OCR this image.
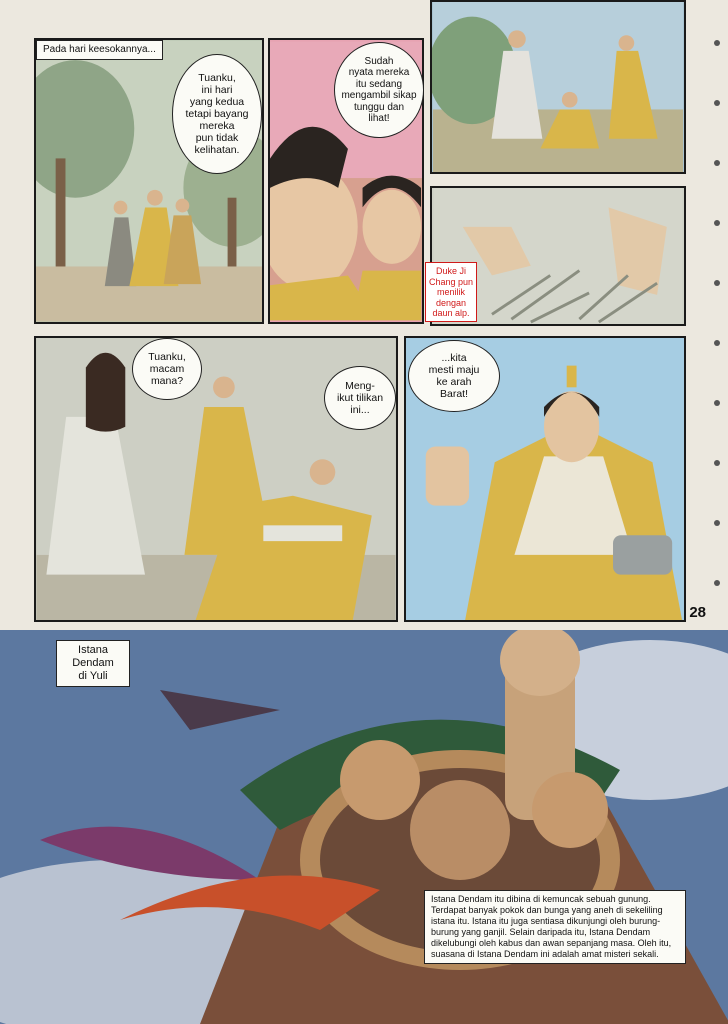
Pada hari keesokannya...
Tuanku,
ini hari
yang kedua
tetapi bayang
mereka
pun tidak
kelihatan.
Sudah
nyata mereka
itu sedang
mengambil sikap
tunggu dan
lihat!
Duke Ji
Chang pun
menilik
dengan
daun alp.
Tuanku,
macam
mana?	Meng-
ikut tilikan
ini...
...kita
mesti maju
ke arah
Barat!
28
Istana
Dendam
di Yuli
Istana Dendam itu dibina di kemuncak sebuah gunung. Terdapat banyak pokok dan bunga yang aneh di sekeliling istana itu. Istana itu juga sentiasa dikunjungi oleh burung-burung yang ganjil. Selain daripada itu, Istana Dendam dikelubungi oleh kabus dan awan sepanjang masa. Oleh itu, suasana di Istana Dendam ini adalah amat misteri sekali.
